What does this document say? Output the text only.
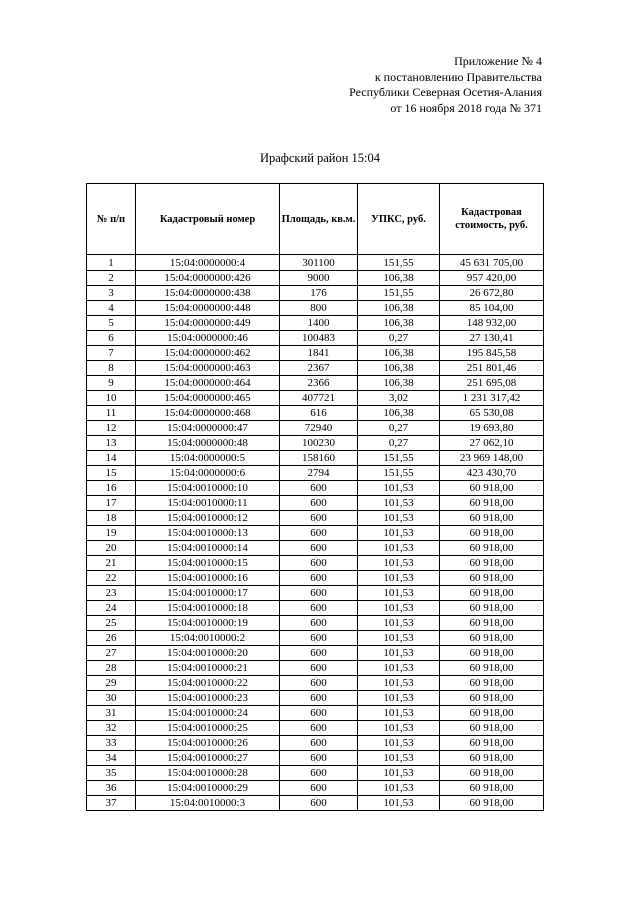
Приложение № 4
к постановлению Правительства
Республики Северная Осетия-Алания
от 16 ноября 2018 года № 371
Ирафский район 15:04
№ п/п	Кадастровый номер	Площадь, кв.м.	УПКС, руб.	Кадастровая стоимость, руб.
1	15:04:0000000:4	301100	151,55	45 631 705,00
2	15:04:0000000:426	9000	106,38	957 420,00
3	15:04:0000000:438	176	151,55	26 672,80
4	15:04:0000000:448	800	106,38	85 104,00
5	15:04:0000000:449	1400	106,38	148 932,00
6	15:04:0000000:46	100483	0,27	27 130,41
7	15:04:0000000:462	1841	106,38	195 845,58
8	15:04:0000000:463	2367	106,38	251 801,46
9	15:04:0000000:464	2366	106,38	251 695,08
10	15:04:0000000:465	407721	3,02	1 231 317,42
11	15:04:0000000:468	616	106,38	65 530,08
12	15:04:0000000:47	72940	0,27	19 693,80
13	15:04:0000000:48	100230	0,27	27 062,10
14	15:04:0000000:5	158160	151,55	23 969 148,00
15	15:04:0000000:6	2794	151,55	423 430,70
16	15:04:0010000:10	600	101,53	60 918,00
17	15:04:0010000:11	600	101,53	60 918,00
18	15:04:0010000:12	600	101,53	60 918,00
19	15:04:0010000:13	600	101,53	60 918,00
20	15:04:0010000:14	600	101,53	60 918,00
21	15:04:0010000:15	600	101,53	60 918,00
22	15:04:0010000:16	600	101,53	60 918,00
23	15:04:0010000:17	600	101,53	60 918,00
24	15:04:0010000:18	600	101,53	60 918,00
25	15:04:0010000:19	600	101,53	60 918,00
26	15:04:0010000:2	600	101,53	60 918,00
27	15:04:0010000:20	600	101,53	60 918,00
28	15:04:0010000:21	600	101,53	60 918,00
29	15:04:0010000:22	600	101,53	60 918,00
30	15:04:0010000:23	600	101,53	60 918,00
31	15:04:0010000:24	600	101,53	60 918,00
32	15:04:0010000:25	600	101,53	60 918,00
33	15:04:0010000:26	600	101,53	60 918,00
34	15:04:0010000:27	600	101,53	60 918,00
35	15:04:0010000:28	600	101,53	60 918,00
36	15:04:0010000:29	600	101,53	60 918,00
37	15:04:0010000:3	600	101,53	60 918,00
